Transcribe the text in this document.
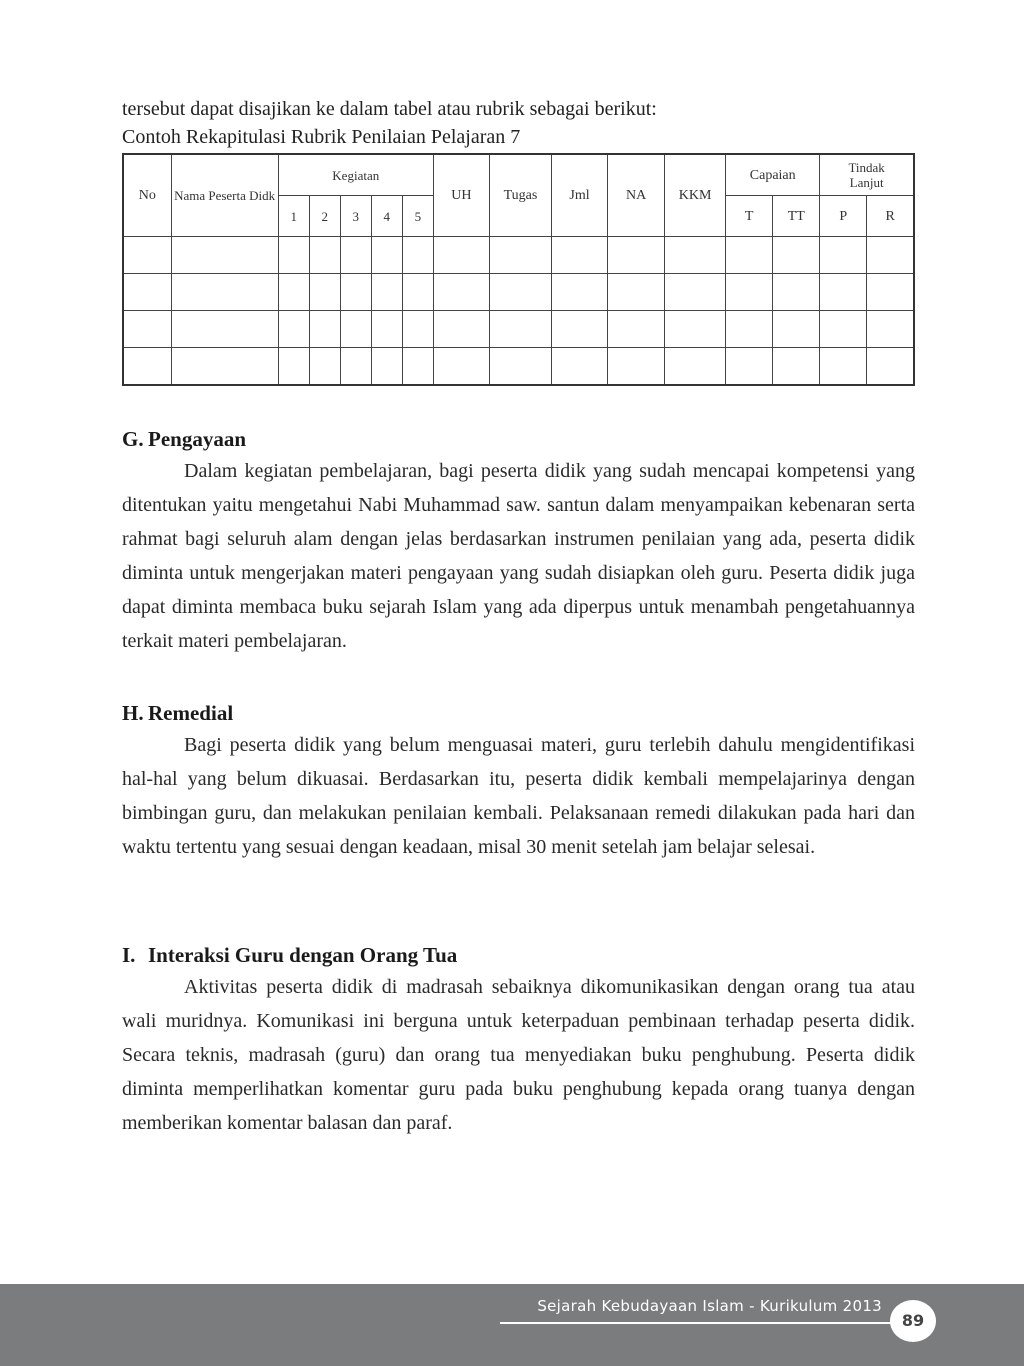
tersebut dapat disajikan ke dalam tabel atau rubrik sebagai berikut:

Contoh Rekapitulasi Rubrik Penilaian Pelajaran 7

No	Nama Peserta Didk	Kegiatan					UH	Tugas	Jml	NA	KKM	Capaian		Tindak Lanjut	
		1	2	3	4	5						T	TT	P	R

G. Pengayaan

Dalam kegiatan pembelajaran, bagi peserta didik yang sudah mencapai kompetensi yang ditentukan yaitu mengetahui Nabi Muhammad saw. santun dalam menyampaikan kebenaran serta rahmat bagi seluruh alam dengan jelas berdasarkan instrumen penilaian yang ada, peserta didik diminta untuk mengerjakan materi pengayaan yang sudah disiapkan oleh guru. Peserta didik juga dapat diminta membaca buku sejarah Islam yang ada diperpus untuk menambah pengetahuannya terkait materi pembelajaran.

H. Remedial

Bagi peserta didik yang belum menguasai materi, guru terlebih dahulu mengidentifikasi hal-hal yang belum dikuasai. Berdasarkan itu, peserta didik kembali mempelajarinya dengan bimbingan guru, dan melakukan penilaian kembali. Pelaksanaan remedi dilakukan pada hari dan waktu tertentu yang sesuai dengan keadaan, misal 30 menit setelah jam belajar selesai.

I. Interaksi Guru dengan Orang Tua

Aktivitas peserta didik di madrasah sebaiknya dikomunikasikan dengan orang tua atau wali muridnya. Komunikasi ini berguna untuk keterpaduan pembinaan terhadap peserta didik. Secara teknis, madrasah (guru) dan orang tua menyediakan buku penghubung. Peserta didik diminta memperlihatkan komentar guru pada buku penghubung kepada orang tuanya dengan memberikan komentar balasan dan paraf.

Sejarah Kebudayaan Islam - Kurikulum 2013
89
